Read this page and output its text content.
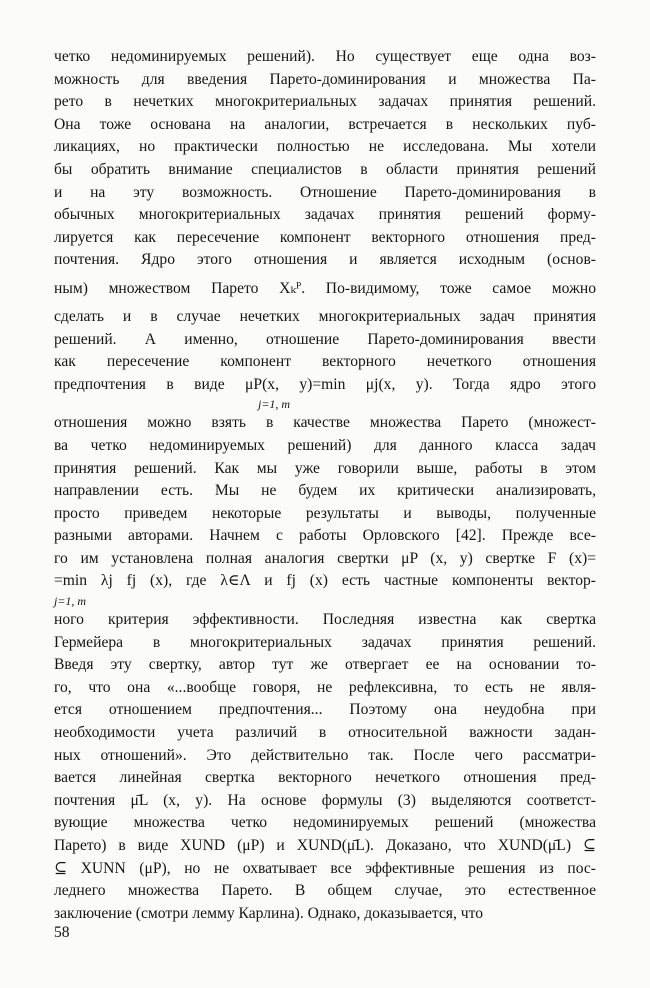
четко недоминируемых решений). Но существует еще одна воз-
можность для введения Парето-доминирования и множества Па-
рето в нечетких многокритериальных задачах принятия решений.
Она тоже основана на аналогии, встречается в нескольких пуб-
ликациях, но практически полностью не исследована. Мы хотели
бы обратить внимание специалистов в области принятия решений
и на эту возможность. Отношение Парето-доминирования в
обычных многокритериальных задачах принятия решений форму-
лируется как пересечение компонент векторного отношения пред-
почтения. Ядро этого отношения и является исходным (основ-
ным) множеством Парето Xₖᴾ. По-видимому, тоже самое можно
сделать и в случае нечетких многокритериальных задач принятия
решений. А именно, отношение Парето-доминирования ввести
как пересечение компонент векторного нечеткого отношения
предпочтения в виде μP(x, y)=min μj(x, y). Тогда ядро этого
j=1, m
отношения можно взять в качестве множества Парето (множест-
ва четко недоминируемых решений) для данного класса задач
принятия решений. Как мы уже говорили выше, работы в этом
направлении есть. Мы не будем их критически анализировать,
просто приведем некоторые результаты и выводы, полученные
разными авторами. Начнем с работы Орловского [42]. Прежде все-
го им установлена полная аналогия свертки μP (x, y) свертке F (x)=
=min λj fj (x), где λ∈Λ и fj (x) есть частные компоненты вектор-
j=1, m
ного критерия эффективности. Последняя известна как свертка
Гермейера в многокритериальных задачах принятия решений.
Введя эту свертку, автор тут же отвергает ее на основании то-
го, что она «...вообще говоря, не рефлексивна, то есть не явля-
ется отношением предпочтения... Поэтому она неудобна при
необходимости учета различий в относительной важности задан-
ных отношений». Это действительно так. После чего рассматри-
вается линейная свертка векторного нечеткого отношения пред-
почтения μ̄L (x, y). На основе формулы (3) выделяются соответст-
вующие множества четко недоминируемых решений (множества
Парето) в виде XUND (μP) и XUND(μ̄L). Доказано, что XUND(μ̄L) ⊆
⊆ XUNN (μP), но не охватывает все эффективные решения из пос-
леднего множества Парето. В общем случае, это естественное
заключение (смотри лемму Карлина). Однако, доказывается, что
58
